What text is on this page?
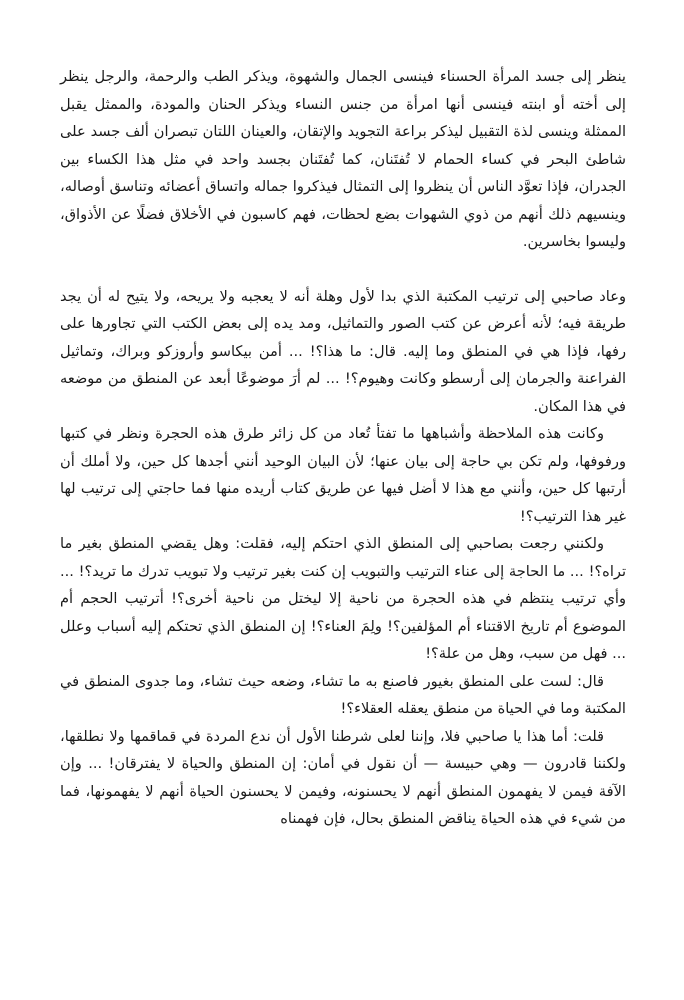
ينظر إلى جسد المرأة الحسناء فينسى الجمال والشهوة، ويذكر الطب والرحمة، والرجل ينظر إلى أخته أو ابنته فينسى أنها امرأة من جنس النساء ويذكر الحنان والمودة، والممثل يقبل الممثلة وينسى لذة التقبيل ليذكر براعة التجويد والإتقان، والعينان اللتان تبصران ألف جسد على شاطئ البحر في كساء الحمام لا تُفتَنان، كما تُفتَنان بجسد واحد في مثل هذا الكساء بين الجدران، فإذا تعوَّد الناس أن ينظروا إلى التمثال فيذكروا جماله واتساق أعضائه وتناسق أوصاله، وينسيهم ذلك أنهم من ذوي الشهوات بضع لحظات، فهم كاسبون في الأخلاق فضلًا عن الأذواق، وليسوا بخاسرين.

وعاد صاحبي إلى ترتيب المكتبة الذي بدا لأول وهلة أنه لا يعجبه ولا يريحه، ولا يتيح له أن يجد طريقة فيه؛ لأنه أعرض عن كتب الصور والتماثيل، ومد يده إلى بعض الكتب التي تجاورها على رفها، فإذا هي في المنطق وما إليه. قال: ما هذا؟! ... أمن بيكاسو وأروزكو وبراك، وتماثيل الفراعنة والجرمان إلى أرسطو وكانت وهيوم؟! ... لم أرَ موضوعًا أبعد عن المنطق من موضعه في هذا المكان.

وكانت هذه الملاحظة وأشباهها ما تفتأ تُعاد من كل زائر طرق هذه الحجرة ونظر في كتبها ورفوفها، ولم تكن بي حاجة إلى بيان عنها؛ لأن البيان الوحيد أنني أجدها كل حين، ولا أملك أن أرتبها كل حين، وأنني مع هذا لا أضل فيها عن طريق كتاب أريده منها فما حاجتي إلى ترتيب لها غير هذا الترتيب؟!

ولكنني رجعت بصاحبي إلى المنطق الذي احتكم إليه، فقلت: وهل يقضي المنطق بغير ما تراه؟! ... ما الحاجة إلى عناء الترتيب والتبويب إن كنت بغير ترتيب ولا تبويب تدرك ما تريد؟! ... وأي ترتيب ينتظم في هذه الحجرة من ناحية إلا ليختل من ناحية أخرى؟! أترتيب الحجم أم الموضوع أم تاريخ الاقتناء أم المؤلفين؟! ولِمَ العناء؟! إن المنطق الذي تحتكم إليه أسباب وعلل ... فهل من سبب، وهل من علة؟!

قال: لست على المنطق بغيور فاصنع به ما تشاء، وضعه حيث تشاء، وما جدوى المنطق في المكتبة وما في الحياة من منطق يعقله العقلاء؟!

قلت: أما هذا يا صاحبي فلا، وإننا لعلى شرطنا الأول أن ندع المردة في قماقمها ولا نطلقها، ولكننا قادرون — وهي حبيسة — أن نقول في أمان: إن المنطق والحياة لا يفترقان! ... وإن الآفة فيمن لا يفهمون المنطق أنهم لا يحسنونه، وفيمن لا يحسنون الحياة أنهم لا يفهمونها، فما من شيء في هذه الحياة يناقض المنطق بحال، فإن فهمناه
